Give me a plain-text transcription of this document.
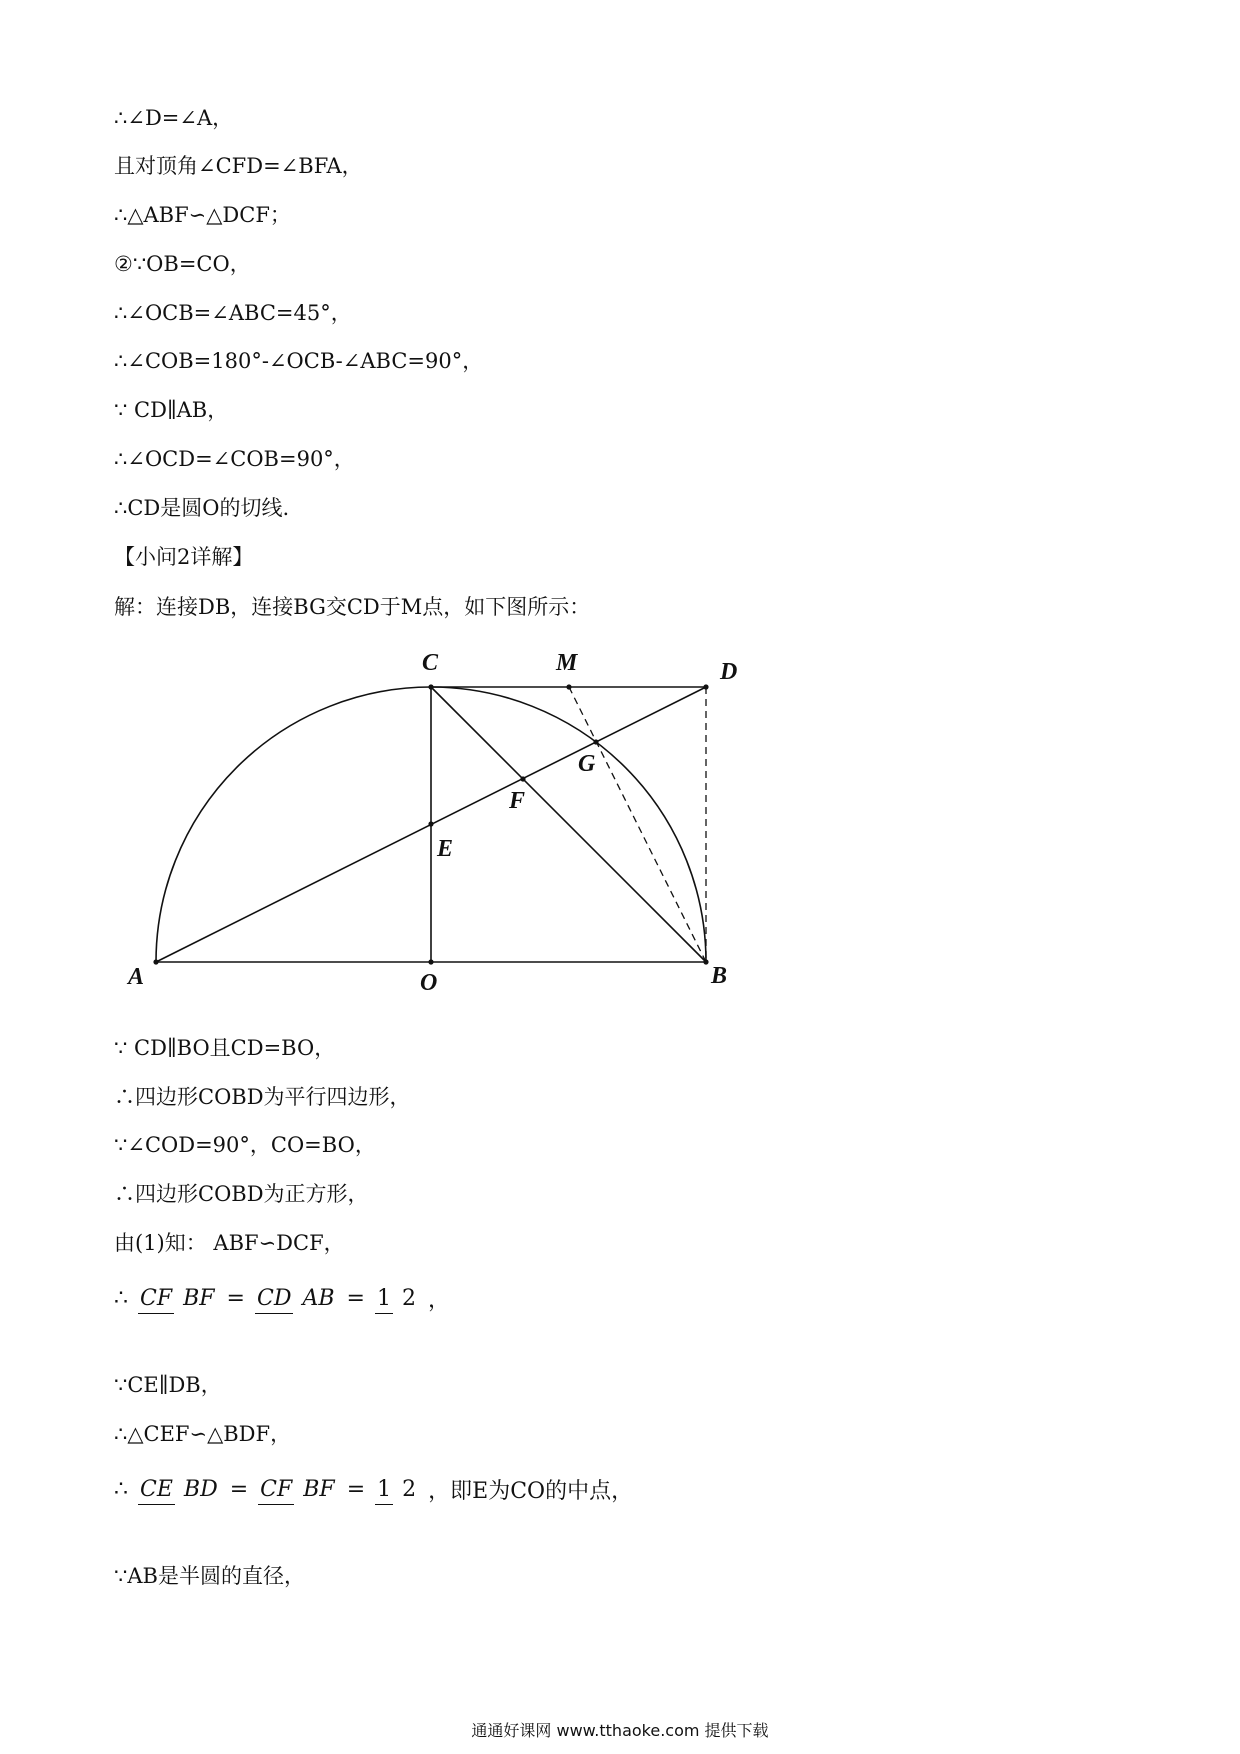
∴∠D=∠A，
且对顶角∠CFD=∠BFA，
∴△ABF∽△DCF；
②∵OB=CO，
∴∠OCB=∠ABC=45°，
∴∠COB=180°-∠OCB-∠ABC=90°，
∵ CD∥AB，
∴∠OCD=∠COB=90°，
∴CD是圆O的切线.
【小问2详解】
解：连接DB，连接BG交CD于M点，如下图所示：
C	M	D
G
F
E
A	O	B
∵ CD∥BO且CD=BO，
∴四边形COBD为平行四边形，
∵∠COD=90°，CO=BO，
∴四边形COBD为正方形，
由(1)知： ABF∽DCF，
∴ CF BF = CD AB = 1 2 ，
∵CE∥DB，
∴△CEF∽△BDF，
∴ CE BD = CF BF = 1 2 ，即E为CO的中点，
∵AB是半圆的直径，
通通好课网 www.tthaoke.com 提供下载
